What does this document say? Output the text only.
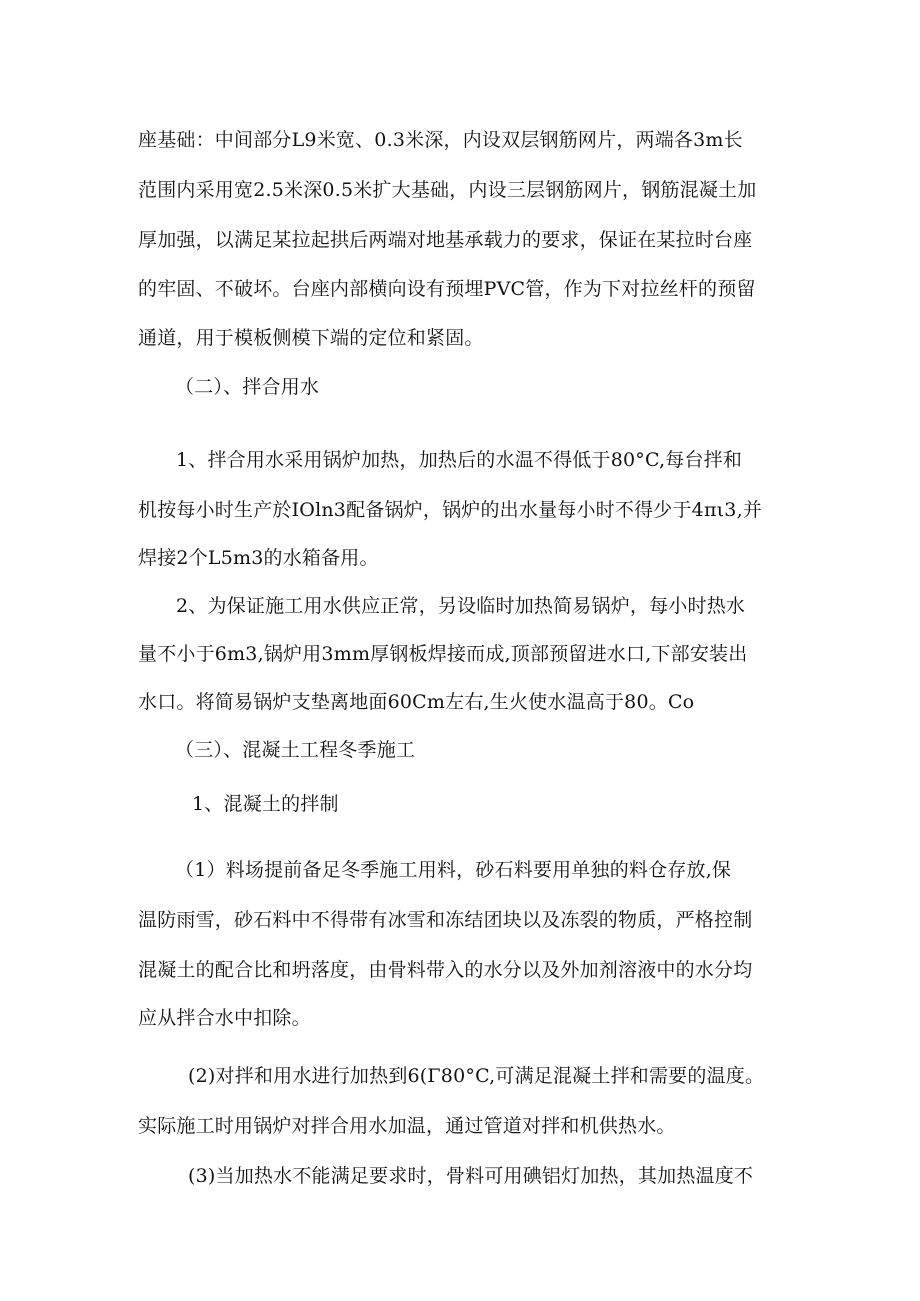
座基础：中间部分L9米宽、0.3米深，内设双层钢筋网片，两端各3m长
范围内采用宽2.5米深0.5米扩大基础，内设三层钢筋网片，钢筋混凝土加
厚加强，以满足某拉起拱后两端对地基承载力的要求，保证在某拉时台座
的牢固、不破坏。台座内部横向设有预埋PVC管，作为下对拉丝杆的预留
通道，用于模板侧模下端的定位和紧固。
（二）、拌合用水
1、拌合用水采用锅炉加热，加热后的水温不得低于80°C,每台拌和
机按每小时生产於IOln3配备锅炉，锅炉的出水量每小时不得少于4πι3,并
焊接2个L5m3的水箱备用。
2、为保证施工用水供应正常，另设临时加热简易锅炉，每小时热水
量不小于6m3,锅炉用3mm厚钢板焊接而成,顶部预留进水口,下部安装出
水口。将简易锅炉支垫离地面60Cm左右,生火使水温高于80。Co
（三）、混凝土工程冬季施工
1、混凝土的拌制
（1）料场提前备足冬季施工用料，砂石料要用单独的料仓存放,保
温防雨雪，砂石料中不得带有冰雪和冻结团块以及冻裂的物质，严格控制
混凝土的配合比和坍落度，由骨料带入的水分以及外加剂溶液中的水分均
应从拌合水中扣除。
(2)对拌和用水进行加热到6(Γ80°C,可满足混凝土拌和需要的温度。
实际施工时用锅炉对拌合用水加温，通过管道对拌和机供热水。
(3)当加热水不能满足要求时，骨料可用碘铝灯加热，其加热温度不
